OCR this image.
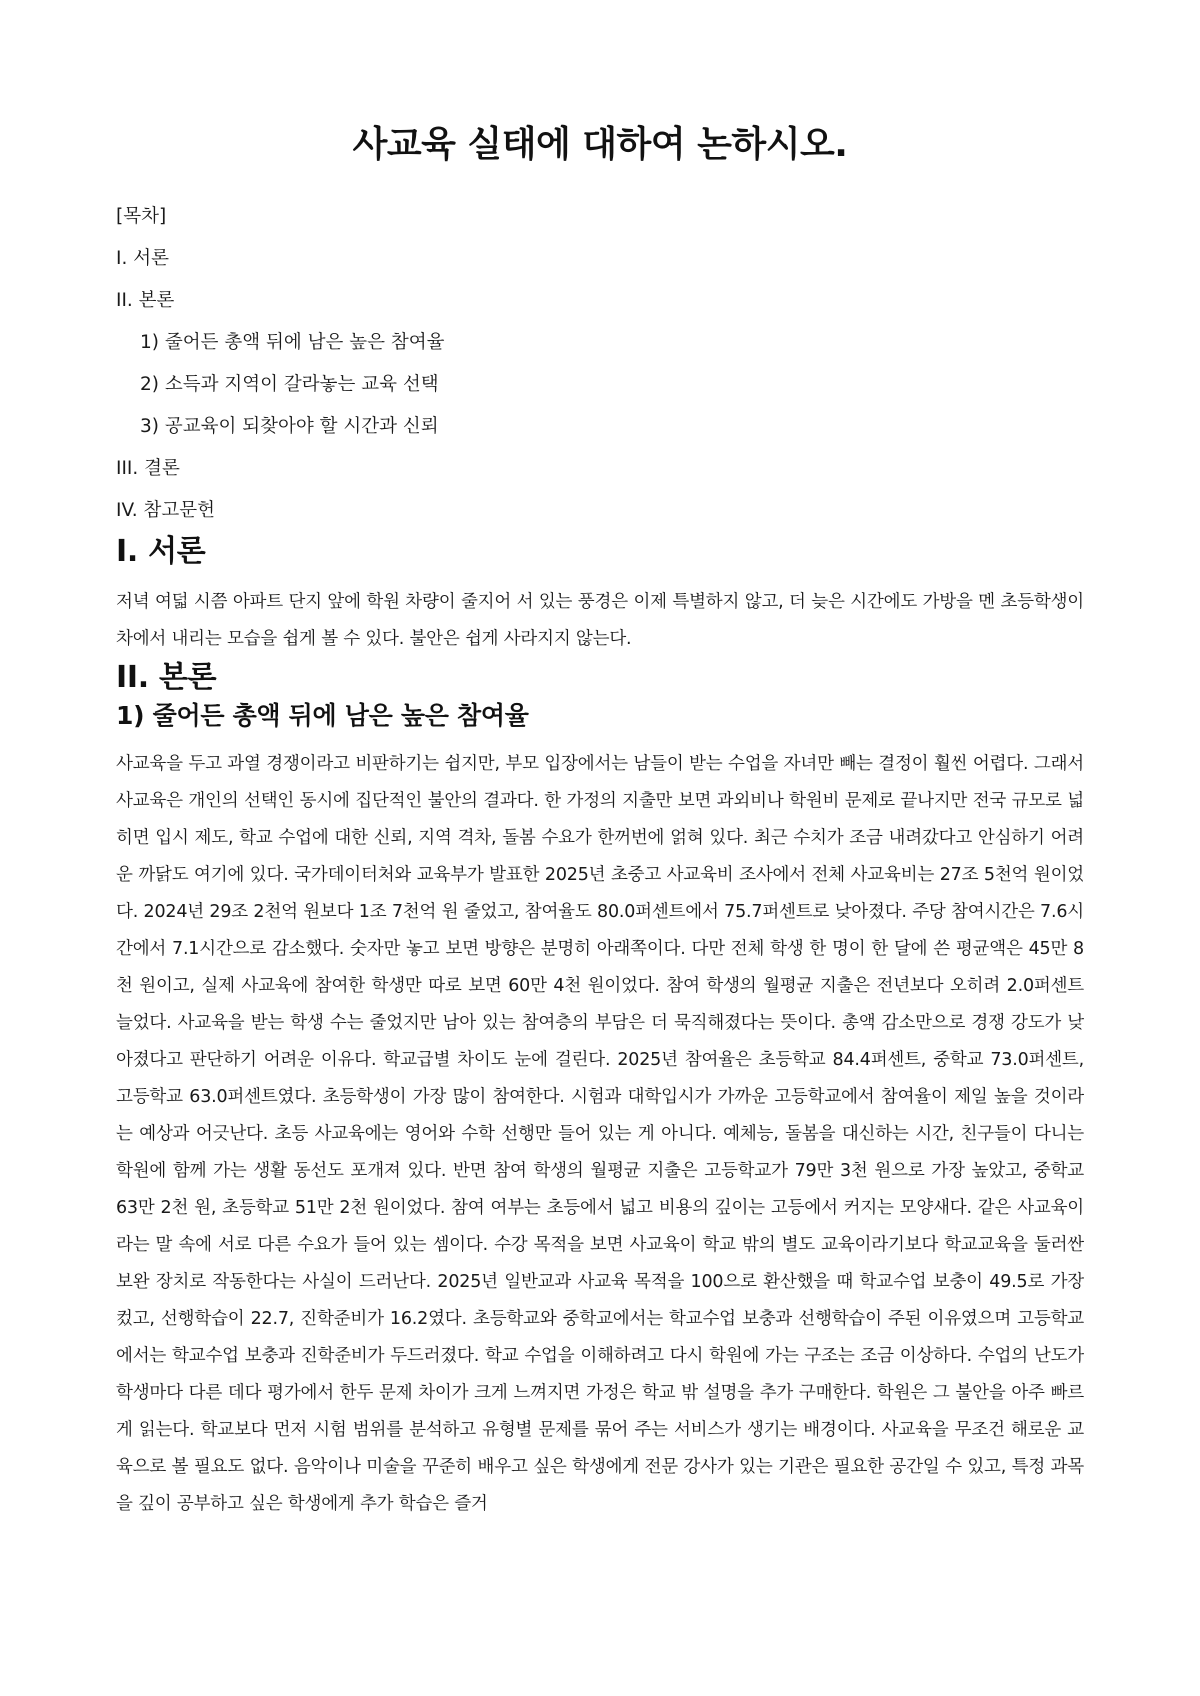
사교육 실태에 대하여 논하시오.
[목차]
I. 서론
II. 본론
1) 줄어든 총액 뒤에 남은 높은 참여율
2) 소득과 지역이 갈라놓는 교육 선택
3) 공교육이 되찾아야 할 시간과 신뢰
III. 결론
IV. 참고문헌
I. 서론

저녁 여덟 시쯤 아파트 단지 앞에 학원 차량이 줄지어 서 있는 풍경은 이제 특별하지 않고, 더 늦은 시간에도 가방을 멘 초등학생이 차에서 내리는 모습을 쉽게 볼 수 있다. 불안은 쉽게 사라지지 않는다.

II. 본론
1) 줄어든 총액 뒤에 남은 높은 참여율

사교육을 두고 과열 경쟁이라고 비판하기는 쉽지만, 부모 입장에서는 남들이 받는 수업을 자녀만 빼는 결정이 훨씬 어렵다. 그래서 사교육은 개인의 선택인 동시에 집단적인 불안의 결과다. 한 가정의 지출만 보면 과외비나 학원비 문제로 끝나지만 전국 규모로 넓히면 입시 제도, 학교 수업에 대한 신뢰, 지역 격차, 돌봄 수요가 한꺼번에 얽혀 있다. 최근 수치가 조금 내려갔다고 안심하기 어려운 까닭도 여기에 있다. 국가데이터처와 교육부가 발표한 2025년 초중고 사교육비 조사에서 전체 사교육비는 27조 5천억 원이었다. 2024년 29조 2천억 원보다 1조 7천억 원 줄었고, 참여율도 80.0퍼센트에서 75.7퍼센트로 낮아졌다. 주당 참여시간은 7.6시간에서 7.1시간으로 감소했다. 숫자만 놓고 보면 방향은 분명히 아래쪽이다. 다만 전체 학생 한 명이 한 달에 쓴 평균액은 45만 8천 원이고, 실제 사교육에 참여한 학생만 따로 보면 60만 4천 원이었다. 참여 학생의 월평균 지출은 전년보다 오히려 2.0퍼센트 늘었다. 사교육을 받는 학생 수는 줄었지만 남아 있는 참여층의 부담은 더 묵직해졌다는 뜻이다. 총액 감소만으로 경쟁 강도가 낮아졌다고 판단하기 어려운 이유다. 학교급별 차이도 눈에 걸린다. 2025년 참여율은 초등학교 84.4퍼센트, 중학교 73.0퍼센트, 고등학교 63.0퍼센트였다. 초등학생이 가장 많이 참여한다. 시험과 대학입시가 가까운 고등학교에서 참여율이 제일 높을 것이라는 예상과 어긋난다. 초등 사교육에는 영어와 수학 선행만 들어 있는 게 아니다. 예체능, 돌봄을 대신하는 시간, 친구들이 다니는 학원에 함께 가는 생활 동선도 포개져 있다. 반면 참여 학생의 월평균 지출은 고등학교가 79만 3천 원으로 가장 높았고, 중학교 63만 2천 원, 초등학교 51만 2천 원이었다. 참여 여부는 초등에서 넓고 비용의 깊이는 고등에서 커지는 모양새다. 같은 사교육이라는 말 속에 서로 다른 수요가 들어 있는 셈이다. 수강 목적을 보면 사교육이 학교 밖의 별도 교육이라기보다 학교교육을 둘러싼 보완 장치로 작동한다는 사실이 드러난다. 2025년 일반교과 사교육 목적을 100으로 환산했을 때 학교수업 보충이 49.5로 가장 컸고, 선행학습이 22.7, 진학준비가 16.2였다. 초등학교와 중학교에서는 학교수업 보충과 선행학습이 주된 이유였으며 고등학교에서는 학교수업 보충과 진학준비가 두드러졌다. 학교 수업을 이해하려고 다시 학원에 가는 구조는 조금 이상하다. 수업의 난도가 학생마다 다른 데다 평가에서 한두 문제 차이가 크게 느껴지면 가정은 학교 밖 설명을 추가 구매한다. 학원은 그 불안을 아주 빠르게 읽는다. 학교보다 먼저 시험 범위를 분석하고 유형별 문제를 묶어 주는 서비스가 생기는 배경이다. 사교육을 무조건 해로운 교육으로 볼 필요도 없다. 음악이나 미술을 꾸준히 배우고 싶은 학생에게 전문 강사가 있는 기관은 필요한 공간일 수 있고, 특정 과목을 깊이 공부하고 싶은 학생에게 추가 학습은 즐거
